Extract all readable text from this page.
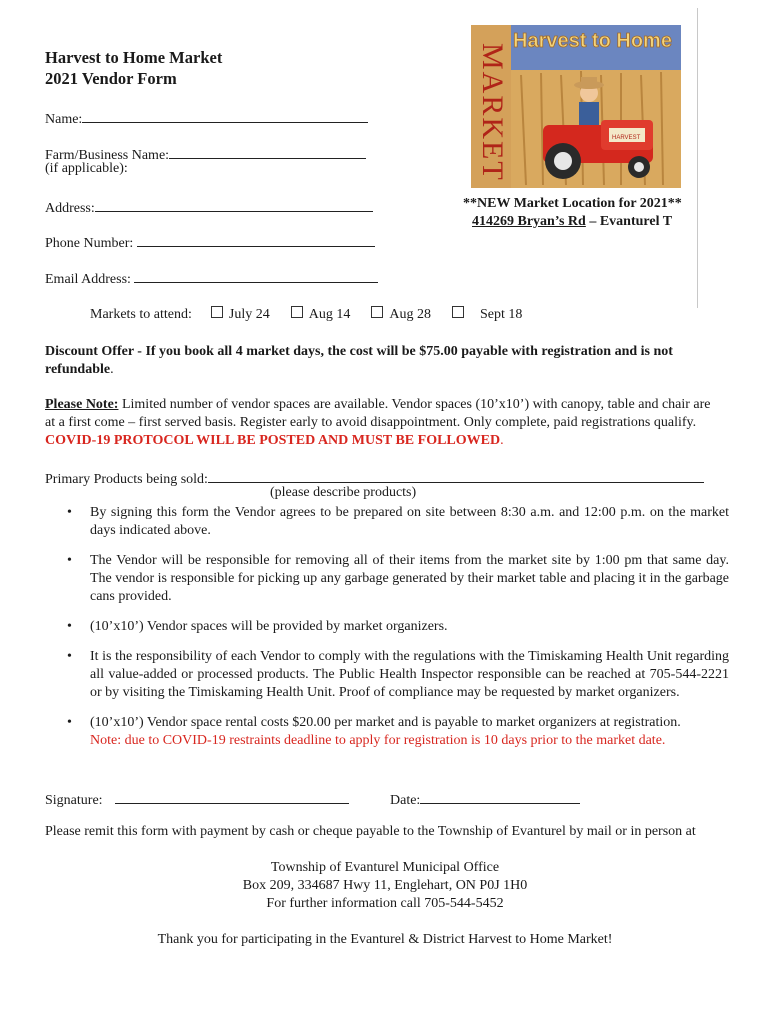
Harvest to Home Market
2021 Vendor Form
Name:
Farm/Business Name:
(if applicable):
Address:
Phone Number:
Email Address:
MARKET
Harvest to Home
HARVEST
**NEW Market Location for 2021**
414269 Bryan’s Rd – Evanturel T
Markets to attend:	July 24	Aug 14	Aug 28	Sept 18
Discount Offer - If you book all 4 market days, the cost will be $75.00 payable with registration and is not refundable.
Please Note: Limited number of vendor spaces are available. Vendor spaces (10’x10’) with canopy, table and chair are at a first come – first served basis. Register early to avoid disappointment. Only complete, paid registrations qualify. COVID-19 PROTOCOL WILL BE POSTED AND MUST BE FOLLOWED.
Primary Products being sold:
(please describe products)
• By signing this form the Vendor agrees to be prepared on site between 8:30 a.m. and 12:00 p.m. on the market days indicated above.
• The Vendor will be responsible for removing all of their items from the market site by 1:00 pm that same day. The vendor is responsible for picking up any garbage generated by their market table and placing it in the garbage cans provided.
• (10’x10’) Vendor spaces will be provided by market organizers.
• It is the responsibility of each Vendor to comply with the regulations with the Timiskaming Health Unit regarding all value-added or processed products. The Public Health Inspector responsible can be reached at 705-544-2221 or by visiting the Timiskaming Health Unit. Proof of compliance may be requested by market organizers.
• (10’x10’) Vendor space rental costs $20.00 per market and is payable to market organizers at registration.
Note: due to COVID-19 restraints deadline to apply for registration is 10 days prior to the market date.
Signature:	Date:
Please remit this form with payment by cash or cheque payable to the Township of Evanturel by mail or in person at
Township of Evanturel Municipal Office
Box 209, 334687 Hwy 11, Englehart, ON P0J 1H0
For further information call 705-544-5452
Thank you for participating in the Evanturel & District Harvest to Home Market!
